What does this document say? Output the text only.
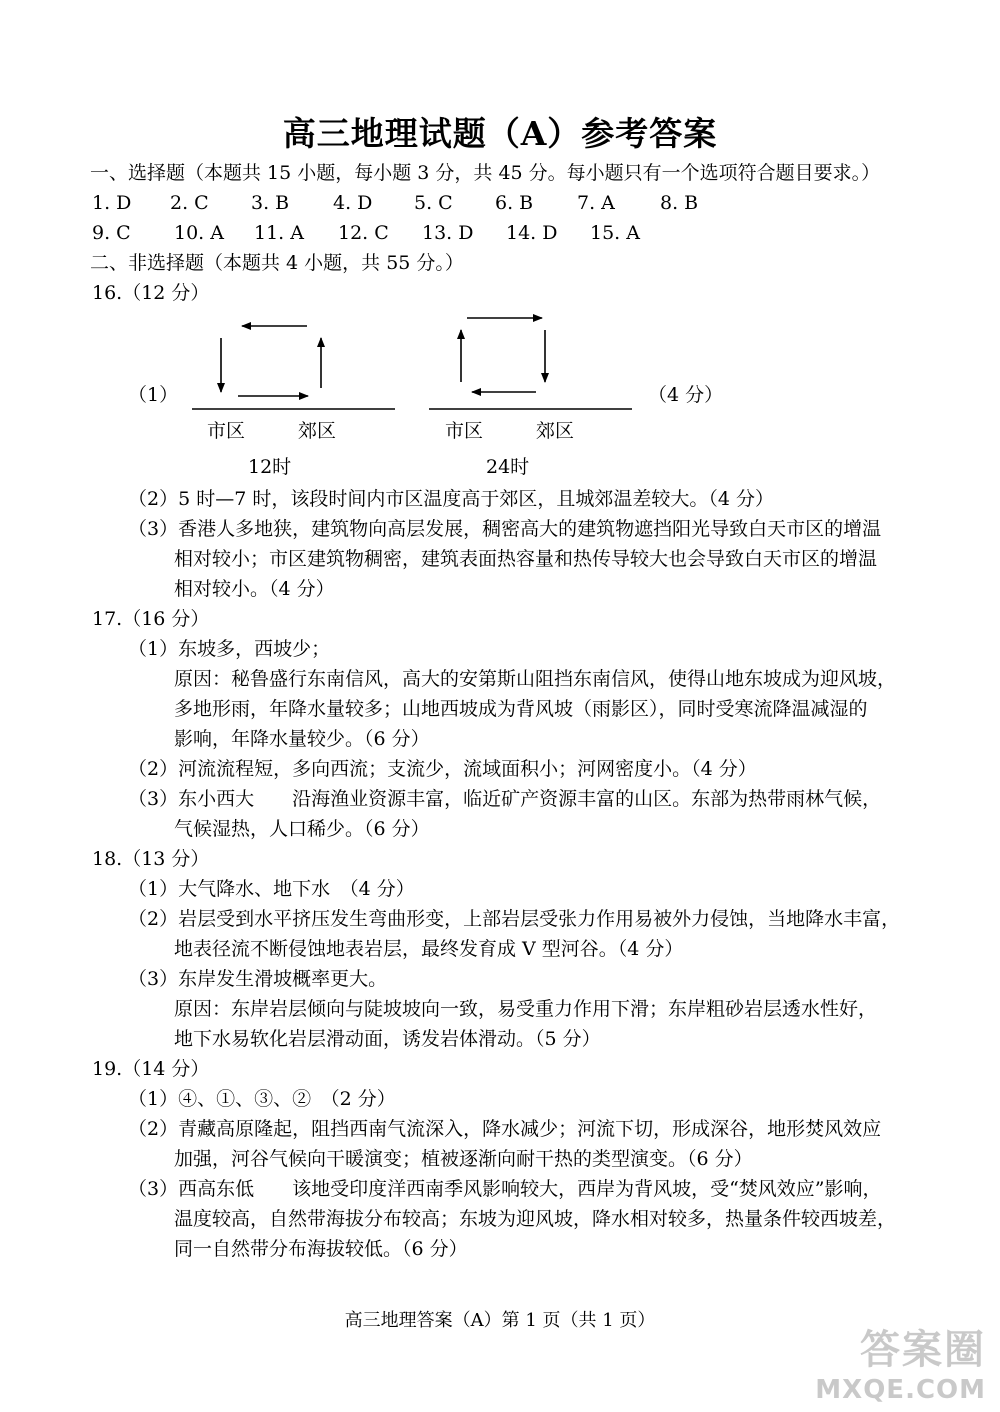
高三地理试题（A）参考答案
一、选择题（本题共 15 小题，每小题 3 分，共 45 分。每小题只有一个选项符合题目要求。）
1. D 2. C 3. B 4. D 5. C 6. B 7. A 8. B
9. C 10. A 11. A 12. C 13. D 14. D 15. A
二、非选择题（本题共 4 小题，共 55 分。）
16.（12 分）
（1）
市区	郊区
12时
市区	郊区
24时
（4 分）
（2）5 时—7 时，该段时间内市区温度高于郊区，且城郊温差较大。（4 分）
（3）香港人多地狭，建筑物向高层发展，稠密高大的建筑物遮挡阳光导致白天市区的增温
相对较小；市区建筑物稠密，建筑表面热容量和热传导较大也会导致白天市区的增温
相对较小。（4 分）
17.（16 分）
（1）东坡多，西坡少；
原因：秘鲁盛行东南信风，高大的安第斯山阻挡东南信风，使得山地东坡成为迎风坡，
多地形雨，年降水量较多；山地西坡成为背风坡（雨影区），同时受寒流降温减湿的
影响，年降水量较少。（6 分）
（2）河流流程短，多向西流；支流少，流域面积小；河网密度小。（4 分）
（3）东小西大　　沿海渔业资源丰富，临近矿产资源丰富的山区。东部为热带雨林气候，
气候湿热，人口稀少。（6 分）
18.（13 分）
（1）大气降水、地下水　（4 分）
（2）岩层受到水平挤压发生弯曲形变，上部岩层受张力作用易被外力侵蚀，当地降水丰富，
地表径流不断侵蚀地表岩层，最终发育成 V 型河谷。（4 分）
（3）东岸发生滑坡概率更大。
原因：东岸岩层倾向与陡坡坡向一致，易受重力作用下滑；东岸粗砂岩层透水性好，
地下水易软化岩层滑动面，诱发岩体滑动。（5 分）
19.（14 分）
（1）④、①、③、②　（2 分）
（2）青藏高原隆起，阻挡西南气流深入，降水减少；河流下切，形成深谷，地形焚风效应
加强，河谷气候向干暖演变；植被逐渐向耐干热的类型演变。（6 分）
（3）西高东低　　该地受印度洋西南季风影响较大，西岸为背风坡，受“焚风效应”影响，
温度较高，自然带海拔分布较高；东坡为迎风坡，降水相对较多，热量条件较西坡差，
同一自然带分布海拔较低。（6 分）
高三地理答案（A）第 1 页（共 1 页）
答案圈
MXQE.COM
